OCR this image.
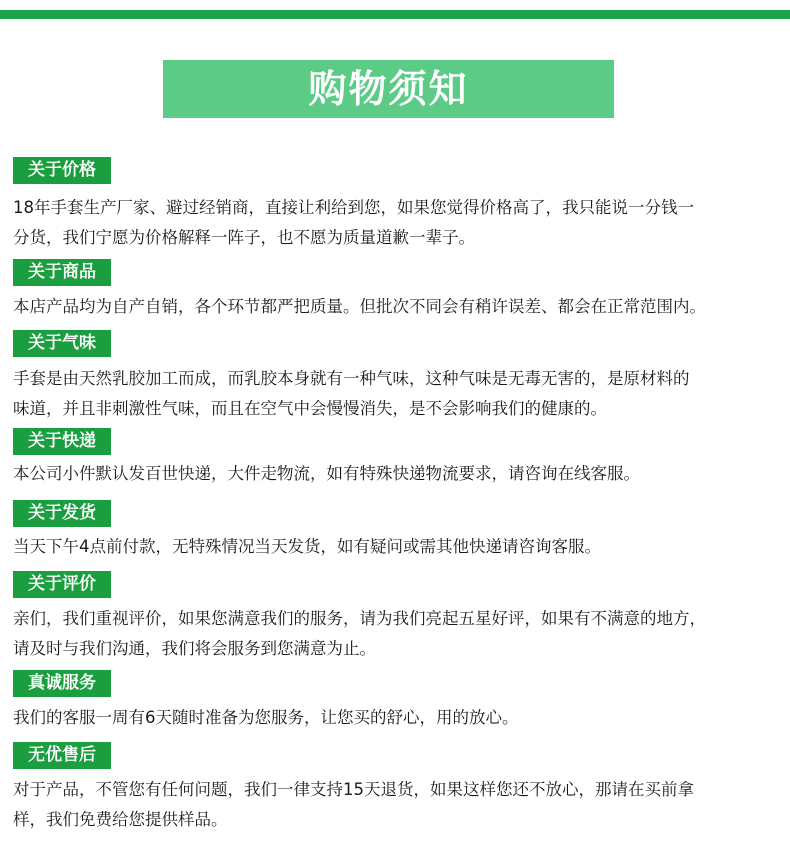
购物须知
关于价格
18年手套生产厂家、避过经销商，直接让利给到您，如果您觉得价格高了，我只能说一分钱一
分货，我们宁愿为价格解释一阵子，也不愿为质量道歉一辈子。
关于商品
本店产品均为自产自销，各个环节都严把质量。但批次不同会有稍许误差、都会在正常范围内。
关于气味
手套是由天然乳胶加工而成，而乳胶本身就有一种气味，这种气味是无毒无害的，是原材料的
味道，并且非刺激性气味，而且在空气中会慢慢消失，是不会影响我们的健康的。
关于快递
本公司小件默认发百世快递，大件走物流，如有特殊快递物流要求，请咨询在线客服。
关于发货
当天下午4点前付款，无特殊情况当天发货，如有疑问或需其他快递请咨询客服。
关于评价
亲们，我们重视评价，如果您满意我们的服务，请为我们亮起五星好评，如果有不满意的地方，
请及时与我们沟通，我们将会服务到您满意为止。
真诚服务
我们的客服一周有6天随时准备为您服务，让您买的舒心，用的放心。
无优售后
对于产品，不管您有任何问题，我们一律支持15天退货，如果这样您还不放心，那请在买前拿
样，我们免费给您提供样品。
